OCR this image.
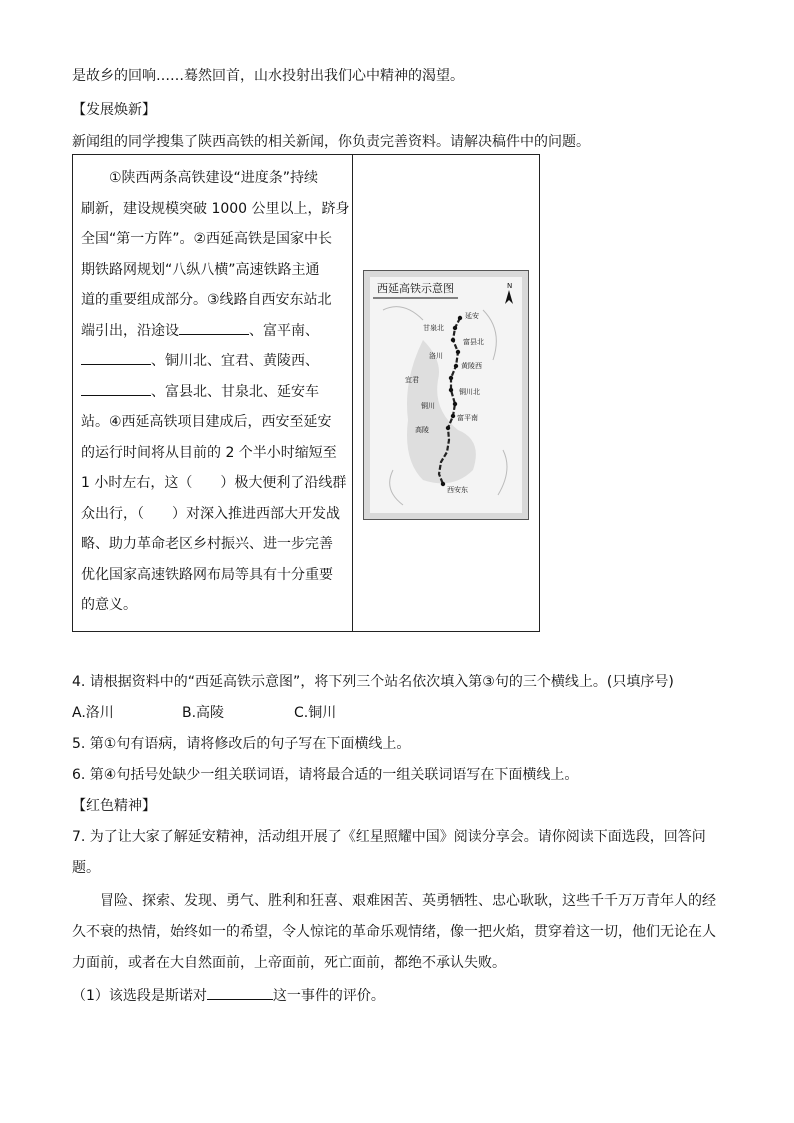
是故乡的回响……蓦然回首，山水投射出我们心中精神的渴望。
【发展焕新】
新闻组的同学搜集了陕西高铁的相关新闻，你负责完善资料。请解决稿件中的问题。

　　①陕西两条高铁建设“进度条”持续

刷新，建设规模突破 1000 公里以上，跻身

全国“第一方阵”。②西延高铁是国家中长

期铁路网规划“八纵八横”高速铁路主通

道的重要组成部分。③线路自西安东站北

端引出，沿途设	、富平南、

、铜川北、宜君、黄陵西、

、富县北、甘泉北、延安车

站。④西延高铁项目建成后，西安至延安

的运行时间将从目前的 2 个半小时缩短至

1 小时左右，这（　　）极大便利了沿线群

众出行，（　　）对深入推进西部大开发战

略、助力革命老区乡村振兴、进一步完善

优化国家高速铁路网布局等具有十分重要

的意义。

西延高铁示意图	N
延安
甘泉北
富县北
洛川
黄陵西
宜君
铜川北
铜川
富平南
高陵
西安东
4. 请根据资料中的“西延高铁示意图”，将下列三个站名依次填入第③句的三个横线上。(只填序号)
A.洛川	B.高陵	C.铜川
5. 第①句有语病，请将修改后的句子写在下面横线上。
6. 第④句括号处缺少一组关联词语，请将最合适的一组关联词语写在下面横线上。
【红色精神】
7. 为了让大家了解延安精神，活动组开展了《红星照耀中国》阅读分享会。请你阅读下面选段，回答问
题。
　　冒险、探索、发现、勇气、胜利和狂喜、艰难困苦、英勇牺牲、忠心耿耿，这些千千万万青年人的经
久不衰的热情，始终如一的希望，令人惊诧的革命乐观情绪，像一把火焰，贯穿着这一切，他们无论在人
力面前，或者在大自然面前，上帝面前，死亡面前，都绝不承认失败。
（1）该选段是斯诺对	这一事件的评价。
